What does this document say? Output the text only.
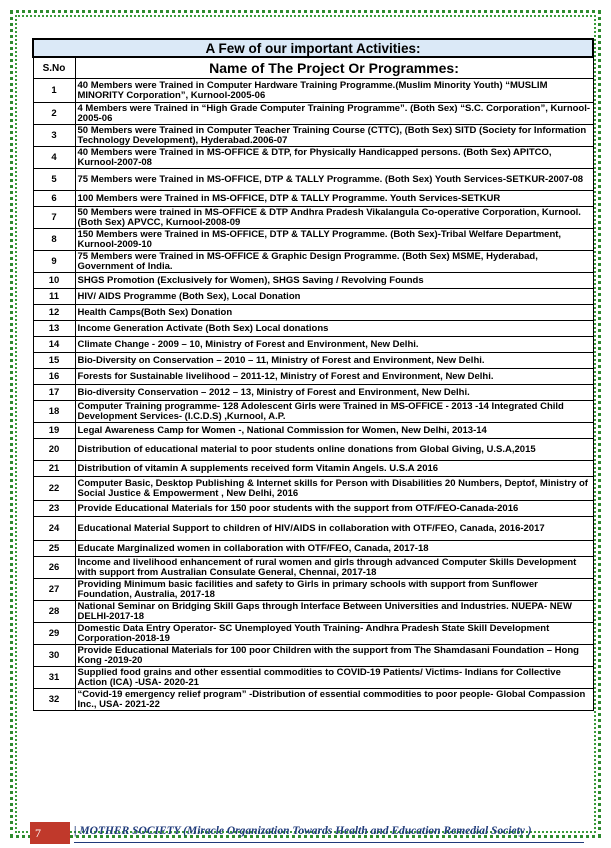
A Few of our important Activities:	
S.No	Name of The Project Or Programmes:
1	40 Members were Trained in Computer Hardware Training Programme.(Muslim Minority Youth) “MUSLIM MINORITY Corporation”, Kurnool-2005-06
2	4 Members were Trained in “High Grade Computer Training Programme”. (Both Sex) “S.C. Corporation”, Kurnool-2005-06
3	50 Members were Trained in Computer Teacher Training Course (CTTC), (Both Sex) SITD (Society for Information Technology Development), Hyderabad.2006-07
4	40 Members were Trained in MS-OFFICE & DTP, for Physically Handicapped persons. (Both Sex) APITCO, Kurnool-2007-08
5	75 Members were Trained in MS-OFFICE, DTP & TALLY Programme. (Both Sex) Youth Services-SETKUR-2007-08
6	100 Members were Trained in MS-OFFICE, DTP & TALLY Programme. Youth Services-SETKUR
7	50 Members were trained in MS-OFFICE & DTP Andhra Pradesh Vikalangula Co-operative Corporation, Kurnool. (Both Sex) APVCC, Kurnool-2008-09
8	150 Members were Trained in MS-OFFICE, DTP & TALLY Programme. (Both Sex)-Tribal Welfare Department, Kurnool-2009-10
9	75 Members were Trained in MS-OFFICE & Graphic Design Programme. (Both Sex) MSME, Hyderabad, Government of India.
10	SHGS Promotion (Exclusively for Women), SHGS Saving / Revolving Founds
11	HIV/ AIDS Programme (Both Sex), Local Donation
12	Health Camps(Both Sex) Donation
13	Income Generation Activate (Both Sex) Local donations
14	Climate Change - 2009 – 10, Ministry of Forest and Environment, New Delhi.
15	Bio-Diversity on Conservation – 2010 – 11, Ministry of Forest and Environment, New Delhi.
16	Forests for Sustainable livelihood – 2011-12, Ministry of Forest and Environment, New Delhi.
17	Bio-diversity Conservation – 2012 – 13, Ministry of Forest and Environment, New Delhi.
18	Computer Training programme- 128 Adolescent Girls were Trained in MS-OFFICE - 2013 -14 Integrated Child Development Services- (I.C.D.S) ,Kurnool, A.P.
19	Legal Awareness Camp for Women -, National Commission for Women, New Delhi, 2013-14
20	Distribution of educational material to poor students online donations from Global Giving, U.S.A,2015
21	Distribution of vitamin A supplements received form Vitamin Angels. U.S.A 2016
22	Computer Basic, Desktop Publishing & Internet skills for Person with Disabilities 20 Numbers, Deptof, Ministry of Social Justice & Empowerment , New Delhi, 2016
23	Provide Educational Materials for 150 poor students with the support from OTF/FEO-Canada-2016
24	Educational Material Support to children of HIV/AIDS in collaboration with OTF/FEO, Canada, 2016-2017
25	Educate Marginalized women in collaboration with OTF/FEO, Canada, 2017-18
26	Income and livelihood enhancement of rural women and girls through advanced Computer Skills Development with support from Australian Consulate General, Chennai, 2017-18
27	Providing Minimum basic facilities and safety to Girls in primary schools with support from Sunflower Foundation, Australia, 2017-18
28	National Seminar on Bridging Skill Gaps through Interface Between Universities and Industries. NUEPA- NEW DELHI-2017-18
29	Domestic Data Entry Operator- SC Unemployed Youth Training- Andhra Pradesh State Skill Development Corporation-2018-19
30	Provide Educational Materials for 100 poor Children with the support from The Shamdasani Foundation – Hong Kong -2019-20
31	Supplied food grains and other essential commodities to COVID-19 Patients/ Victims- Indians for Collective Action (ICA) -USA- 2020-21
32	“Covid-19 emergency relief program” -Distribution of essential commodities to poor people- Global Compassion Inc., USA- 2021-22
7	| MOTHER SOCIETY (Miracle Organization Towards Health and Education Remedial Society )
